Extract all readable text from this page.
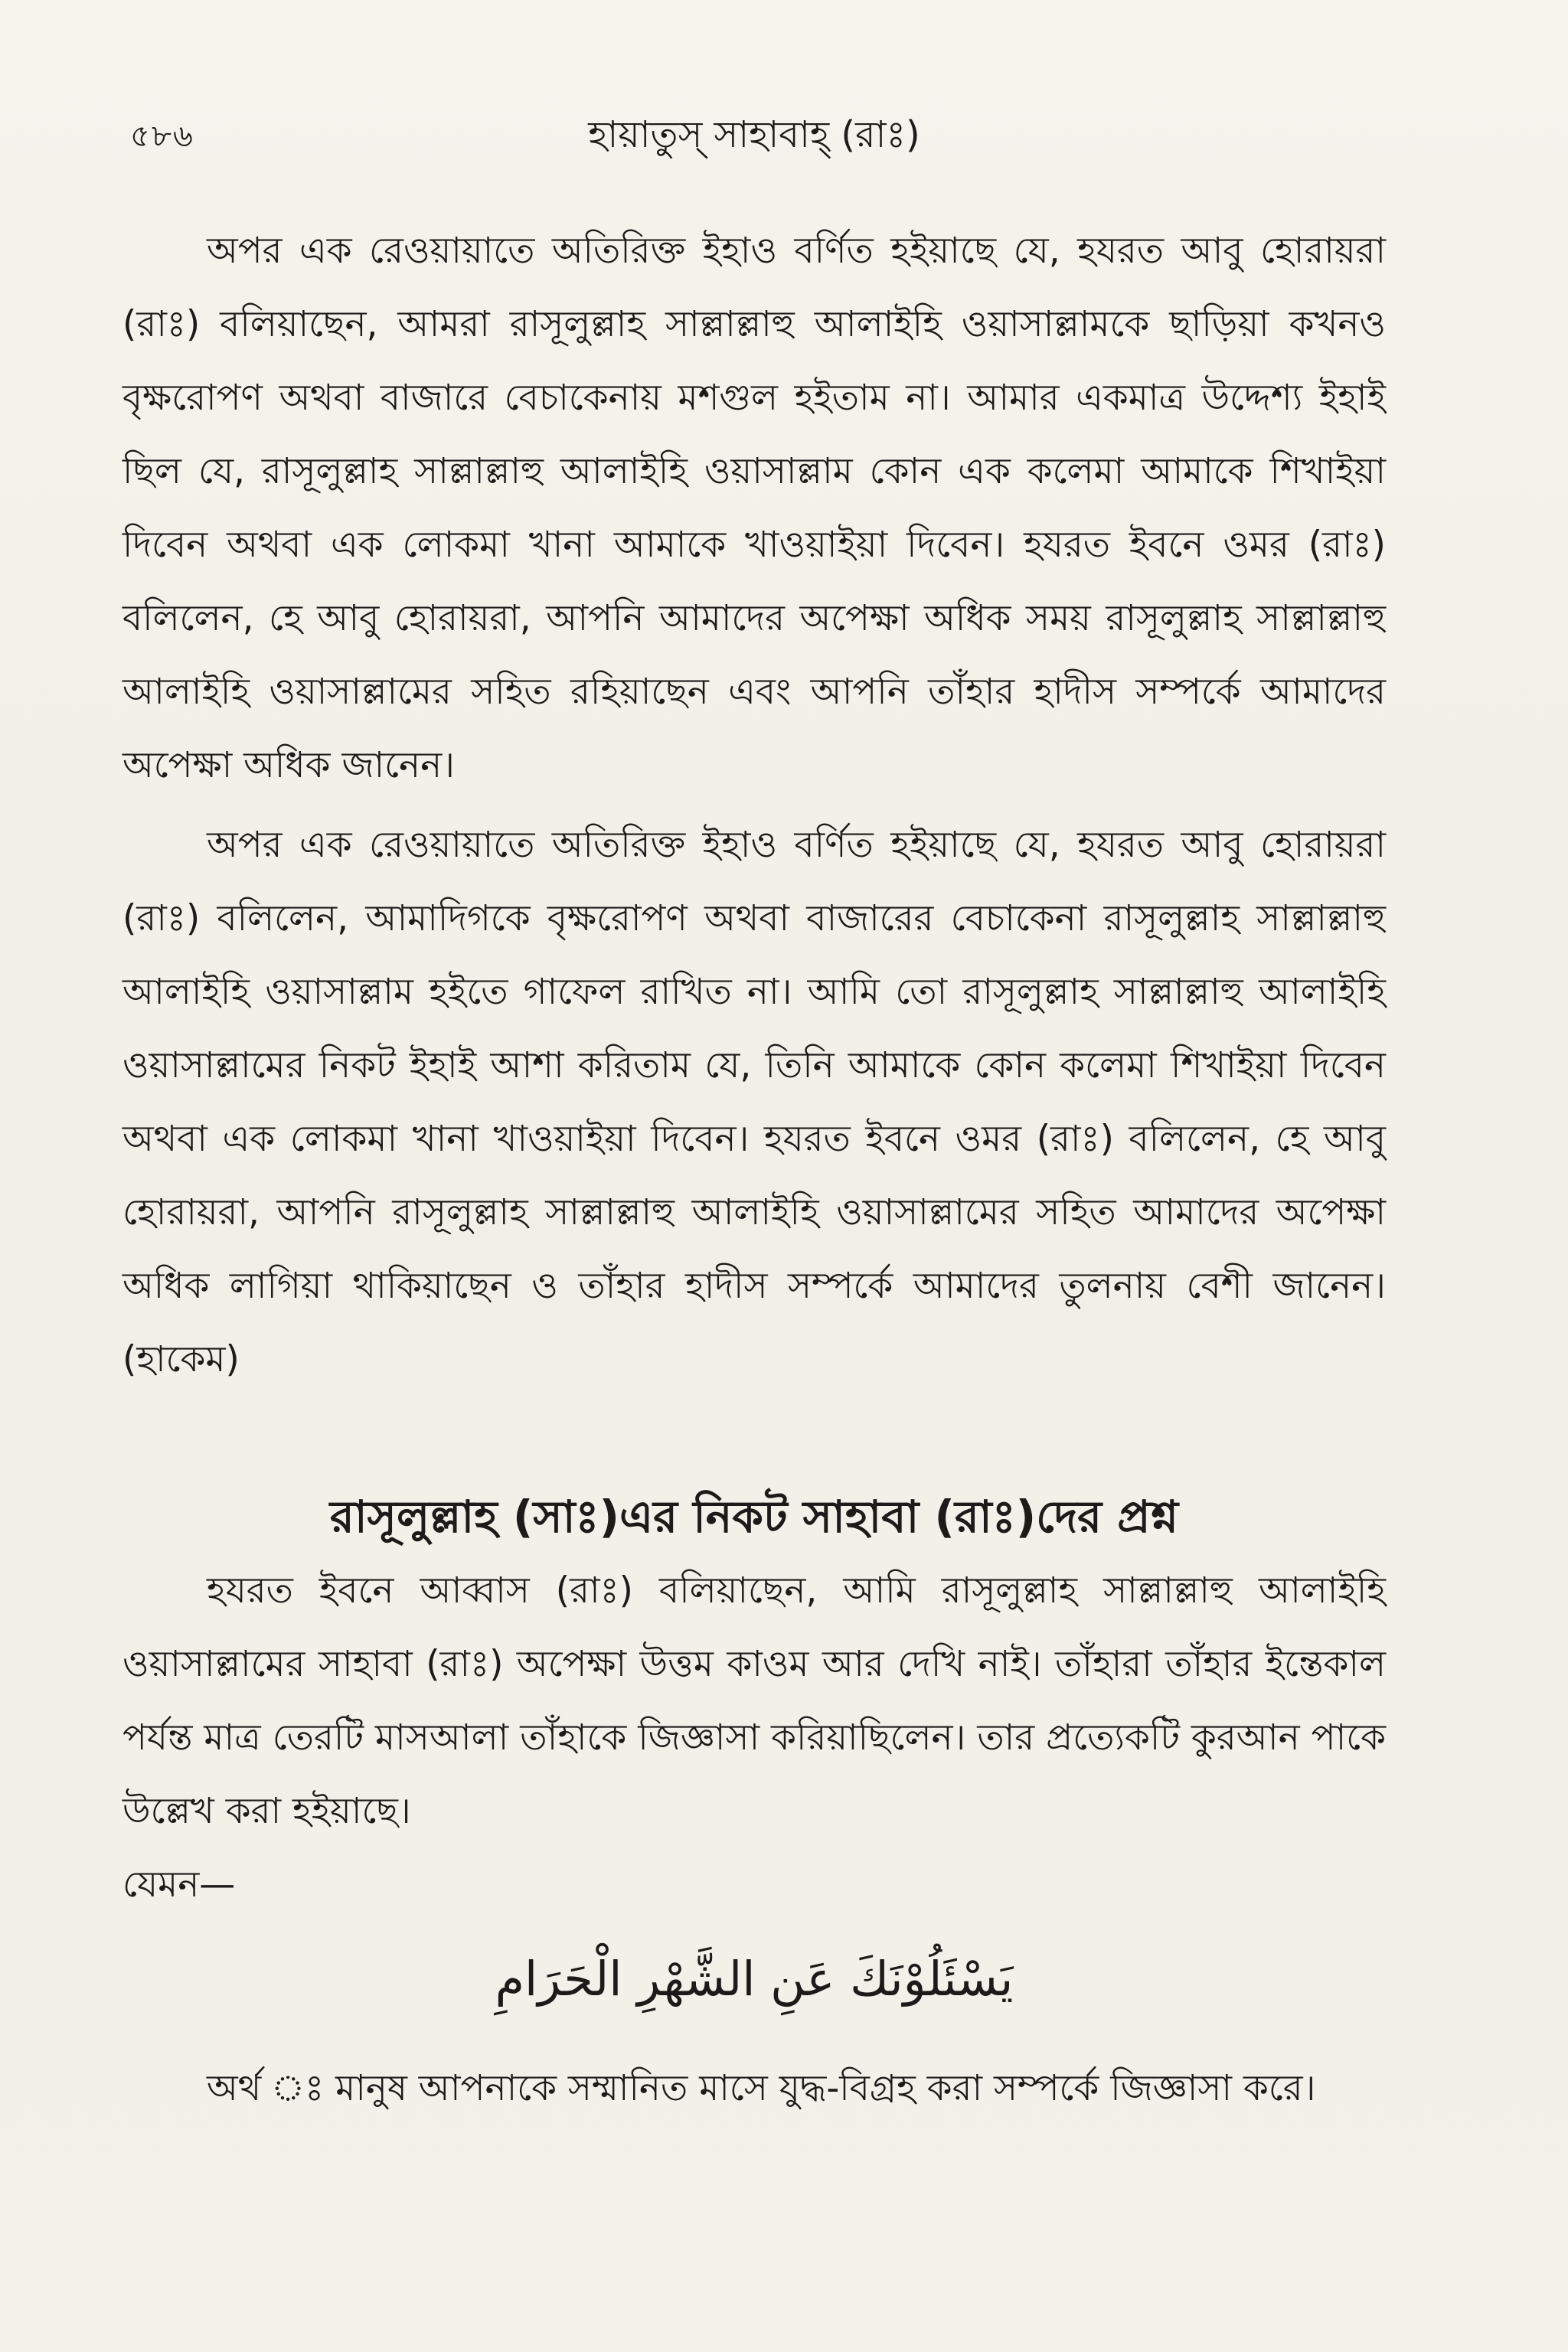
৫৮৬	হায়াতুস্ সাহাবাহ্ (রাঃ)

অপর এক রেওয়ায়াতে অতিরিক্ত ইহাও বর্ণিত হইয়াছে যে, হযরত আবু হোরায়রা (রাঃ) বলিয়াছেন, আমরা রাসূলুল্লাহ সাল্লাল্লাহু আলাইহি ওয়াসাল্লামকে ছাড়িয়া কখনও বৃক্ষরোপণ অথবা বাজারে বেচাকেনায় মশগুল হইতাম না। আমার একমাত্র উদ্দেশ্য ইহাই ছিল যে, রাসূলুল্লাহ সাল্লাল্লাহু আলাইহি ওয়াসাল্লাম কোন এক কলেমা আমাকে শিখাইয়া দিবেন অথবা এক লোকমা খানা আমাকে খাওয়াইয়া দিবেন। হযরত ইবনে ওমর (রাঃ) বলিলেন, হে আবু হোরায়রা, আপনি আমাদের অপেক্ষা অধিক সময় রাসূলুল্লাহ সাল্লাল্লাহু আলাইহি ওয়াসাল্লামের সহিত রহিয়াছেন এবং আপনি তাঁহার হাদীস সম্পর্কে আমাদের অপেক্ষা অধিক জানেন।

অপর এক রেওয়ায়াতে অতিরিক্ত ইহাও বর্ণিত হইয়াছে যে, হযরত আবু হোরায়রা (রাঃ) বলিলেন, আমাদিগকে বৃক্ষরোপণ অথবা বাজারের বেচাকেনা রাসূলুল্লাহ সাল্লাল্লাহু আলাইহি ওয়াসাল্লাম হইতে গাফেল রাখিত না। আমি তো রাসূলুল্লাহ সাল্লাল্লাহু আলাইহি ওয়াসাল্লামের নিকট ইহাই আশা করিতাম যে, তিনি আমাকে কোন কলেমা শিখাইয়া দিবেন অথবা এক লোকমা খানা খাওয়াইয়া দিবেন। হযরত ইবনে ওমর (রাঃ) বলিলেন, হে আবু হোরায়রা, আপনি রাসূলুল্লাহ সাল্লাল্লাহু আলাইহি ওয়াসাল্লামের সহিত আমাদের অপেক্ষা অধিক লাগিয়া থাকিয়াছেন ও তাঁহার হাদীস সম্পর্কে আমাদের তুলনায় বেশী জানেন। (হাকেম)

রাসূলুল্লাহ (সাঃ)এর নিকট সাহাবা (রাঃ)দের প্রশ্ন

হযরত ইবনে আব্বাস (রাঃ) বলিয়াছেন, আমি রাসূলুল্লাহ সাল্লাল্লাহু আলাইহি ওয়াসাল্লামের সাহাবা (রাঃ) অপেক্ষা উত্তম কাওম আর দেখি নাই। তাঁহারা তাঁহার ইন্তেকাল পর্যন্ত মাত্র তেরটি মাসআলা তাঁহাকে জিজ্ঞাসা করিয়াছিলেন। তার প্রত্যেকটি কুরআন পাকে উল্লেখ করা হইয়াছে।

যেমন—

يَسْئَلُوْنَكَ عَنِ الشَّهْرِ الْحَرَامِ

অর্থ ঃ মানুষ আপনাকে সম্মানিত মাসে যুদ্ধ-বিগ্রহ করা সম্পর্কে জিজ্ঞাসা করে।
